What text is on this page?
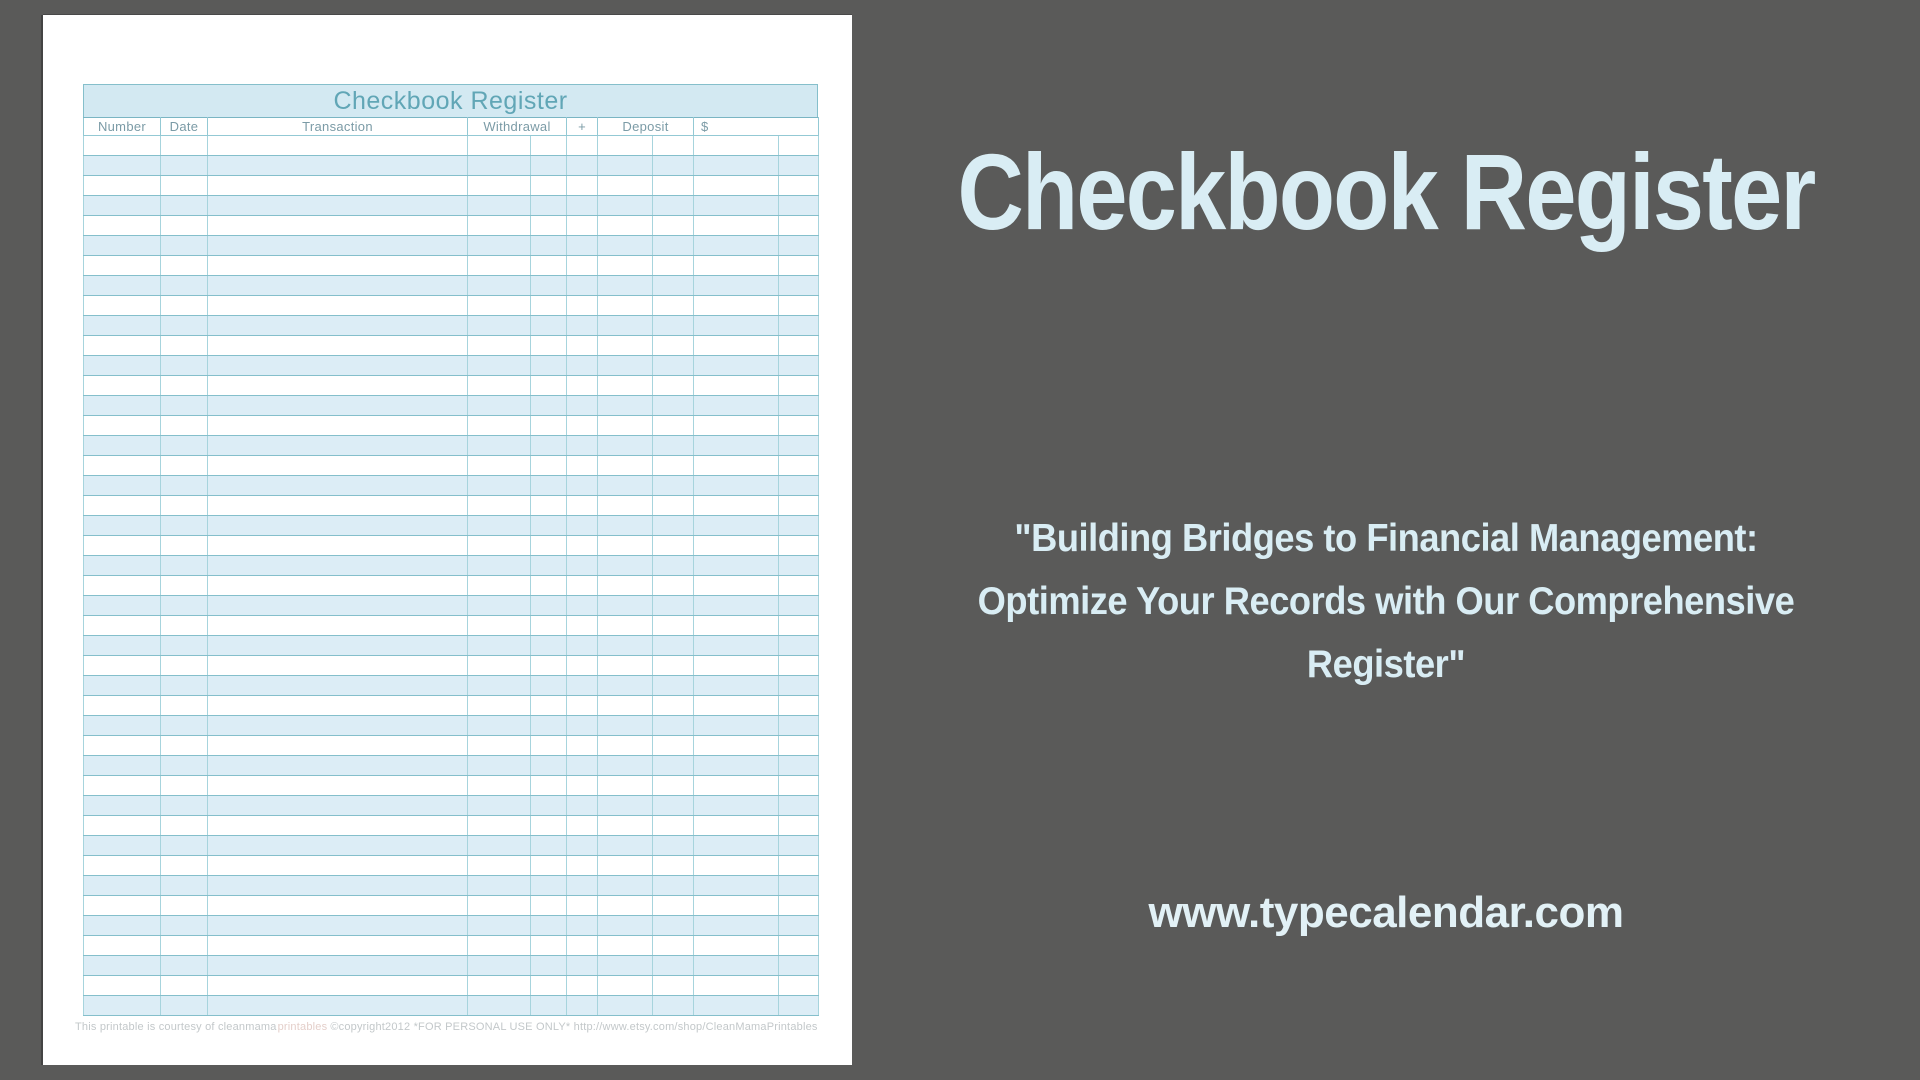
Checkbook Register
Number	Date	Transaction	Withdrawal		+	Deposit		$	

This printable is courtesy of cleanmamaprintables ©copyright2012 *FOR PERSONAL USE ONLY* http://www.etsy.com/shop/CleanMamaPrintables
Checkbook Register
"Building Bridges to Financial Management:
Optimize Your Records with Our Comprehensive
Register"
www.typecalendar.com
